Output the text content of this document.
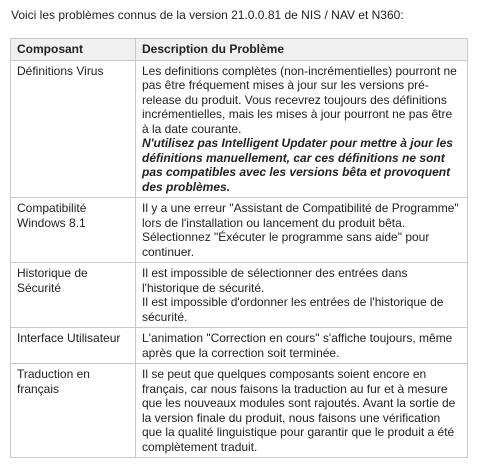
Voici les problèmes connus de la version 21.0.0.81 de NIS / NAV et N360:
Composant	Description du Problème
Définitions Virus	Les definitions complètes (non-incrémentielles) pourront ne pas être fréquement mises à jour sur les versions pré-release du produit. Vous recevrez toujours des définitions incrémentielles, mais les mises à jour pourront ne pas être à la date courante.
N'utilisez pas Intelligent Updater pour mettre à jour les définitions manuellement, car ces définitions ne sont pas compatibles avec les versions bêta et provoquent des problèmes.

Compatibilité Windows 8.1	Il y a une erreur "Assistant de Compatibilité de Programme" lors de l'installation ou lancement du produit bêta. Sélectionnez "Éxécuter le programme sans aide" pour continuer.

Historique de Sécurité	Il est impossible de sélectionner des entrées dans l'historique de sécurité.
Il est impossible d'ordonner les entrées de l'historique de sécurité.

Interface Utilisateur	L'animation "Correction en cours" s'affiche toujours, même après que la correction soit terminée.

Traduction en français	Il se peut que quelques composants soient encore en français, car nous faisons la traduction au fur et à mesure que les nouveaux modules sont rajoutés. Avant la sortie de la version finale du produit, nous faisons une vérification que la qualité linguistique pour garantir que le produit a été complètement traduit.
